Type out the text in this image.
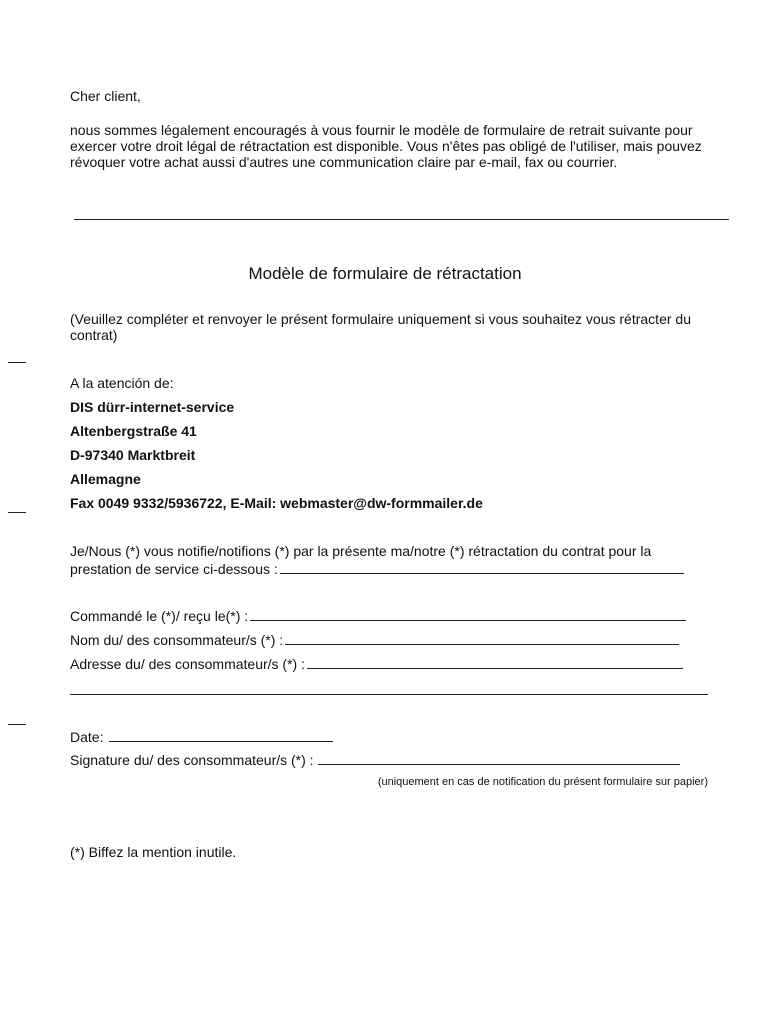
Cher client,

nous sommes légalement encouragés à vous fournir le modèle de formulaire de retrait suivante pour exercer votre droit légal de rétractation est disponible. Vous n'êtes pas obligé de l'utiliser, mais pouvez révoquer votre achat aussi d'autres une communication claire par e-mail, fax ou courrier.

Modèle de formulaire de rétractation

(Veuillez compléter et renvoyer le présent formulaire uniquement si vous souhaitez vous rétracter du contrat)

A la atención de:

DIS dürr-internet-service

Altenbergstraße 41

D-97340 Marktbreit

Allemagne

Fax 0049 9332/5936722, E-Mail: webmaster@dw-formmailer.de

Je/Nous (*) vous notifie/notifions (*) par la présente ma/notre (*) rétractation du contrat pour la

prestation de service ci-dessous :
Commandé le (*)/ reçu le(*) :
Nom du/ des consommateur/s (*) :
Adresse du/ des consommateur/s (*) :
Date:
Signature du/ des consommateur/s (*) :
(uniquement en cas de notification du présent formulaire sur papier)

(*) Biffez la mention inutile.
